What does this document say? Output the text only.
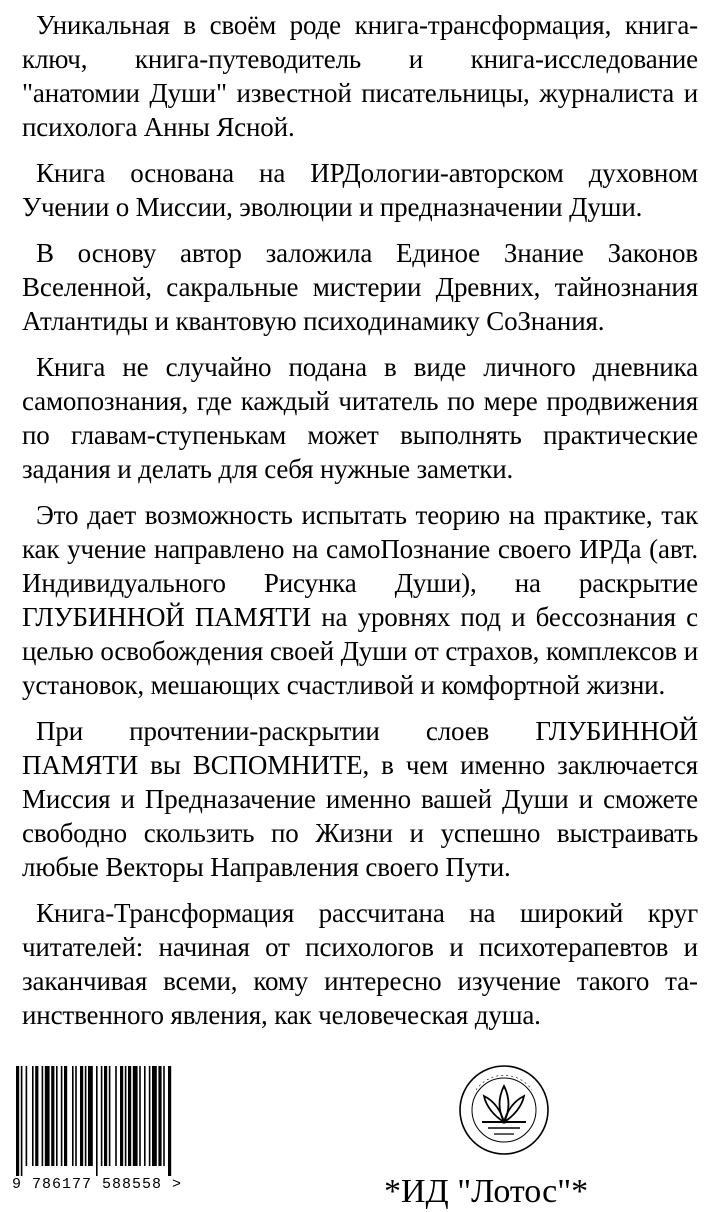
Уникальная в своём роде книга-трансформация, книга-ключ, книга-путеводитель и книга-исследование "анатомии Души" известной писательницы, журналиста и психолога Анны Ясной.

Книга основана на ИРДологии-авторском духовном Учении о Миссии, эволюции и предназначении Души.

В основу автор заложила Единое Знание Законов Вселенной, сакральные мистерии Древних, тайнознания Атлантиды и квантовую психодинамику СоЗнания.

Книга не случайно подана в виде личного дневника самопознания, где каждый читатель по мере продвижения по главам-ступенькам может выполнять практические задания и делать для себя нужные заметки.

Это дает возможность испытать теорию на практике, так как учение направлено на самоПознание своего ИРДа (авт. Индивидуального Рисунка Души), на раскрытие ГЛУБИННОЙ ПАМЯТИ на уровнях под и бессознания с целью освобождения своей Души от страхов, комплексов и установок, мешающих счастливой и комфортной жизни.

При прочтении-раскрытии слоев ГЛУБИННОЙ ПАМЯТИ вы ВСПОМНИТЕ, в чем именно заключается Миссия и Предназачение именно вашей Души и сможете свободно скользить по Жизни и успешно выстраивать любые Векторы Направления своего Пути.

Книга-Трансформация рассчитана на широкий круг читателей: начиная от психологов и психотерапевтов и заканчивая всеми, кому интересно изучение такого таинственного явления, как человеческая душа.

9 786177 588558 >	*ИД "Лотос"*
